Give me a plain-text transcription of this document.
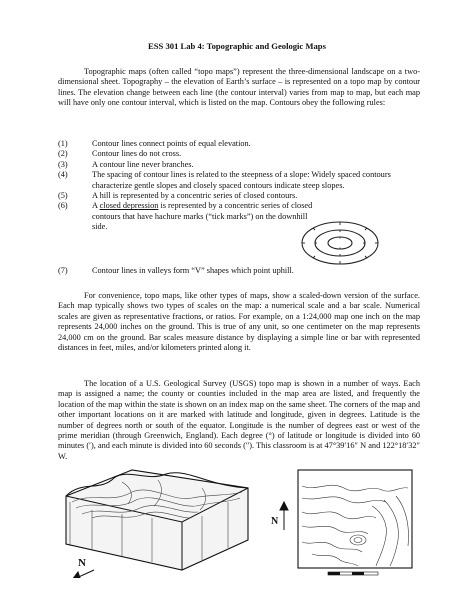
ESS 301 Lab 4: Topographic and Geologic Maps

Topographic maps (often called “topo maps”) represent the three-dimensional landscape on a two-dimensional sheet. Topography – the elevation of Earth’s surface – is represented on a topo map by contour lines. The elevation change between each line (the contour interval) varies from map to map, but each map will have only one contour interval, which is listed on the map. Contours obey the following rules:

(1)	Contour lines connect points of equal elevation.
(2)	Contour lines do not cross.
(3)	A contour line never branches.
(4)	The spacing of contour lines is related to the steepness of a slope: Widely spaced contours characterize gentle slopes and closely spaced contours indicate steep slopes.
(5)	A hill is represented by a concentric series of closed contours.
(6)	A closed depression is represented by a concentric series of closed contours that have hachure marks (“tick marks”) on the downhill side.
(7)	Contour lines in valleys form “V” shapes which point uphill.

For convenience, topo maps, like other types of maps, show a scaled-down version of the surface. Each map typically shows two types of scales on the map: a numerical scale and a bar scale. Numerical scales are given as representative fractions, or ratios. For example, on a 1:24,000 map one inch on the map represents 24,000 inches on the ground. This is true of any unit, so one centimeter on the map represents 24,000 cm on the ground. Bar scales measure distance by displaying a simple line or bar with represented distances in feet, miles, and/or kilometers printed along it.

The location of a U.S. Geological Survey (USGS) topo map is shown in a number of ways. Each map is assigned a name; the county or counties included in the map area are listed, and frequently the location of the map within the state is shown on an index map on the same sheet. The corners of the map and other important locations on it are marked with latitude and longitude, given in degrees. Latitude is the number of degrees north or south of the equator. Longitude is the number of degrees east or west of the prime meridian (through Greenwich, England). Each degree (°) of latitude or longitude is divided into 60 minutes (′), and each minute is divided into 60 seconds (″). This classroom is at 47°39′16″ N and 122°18′32″ W.

N
N
